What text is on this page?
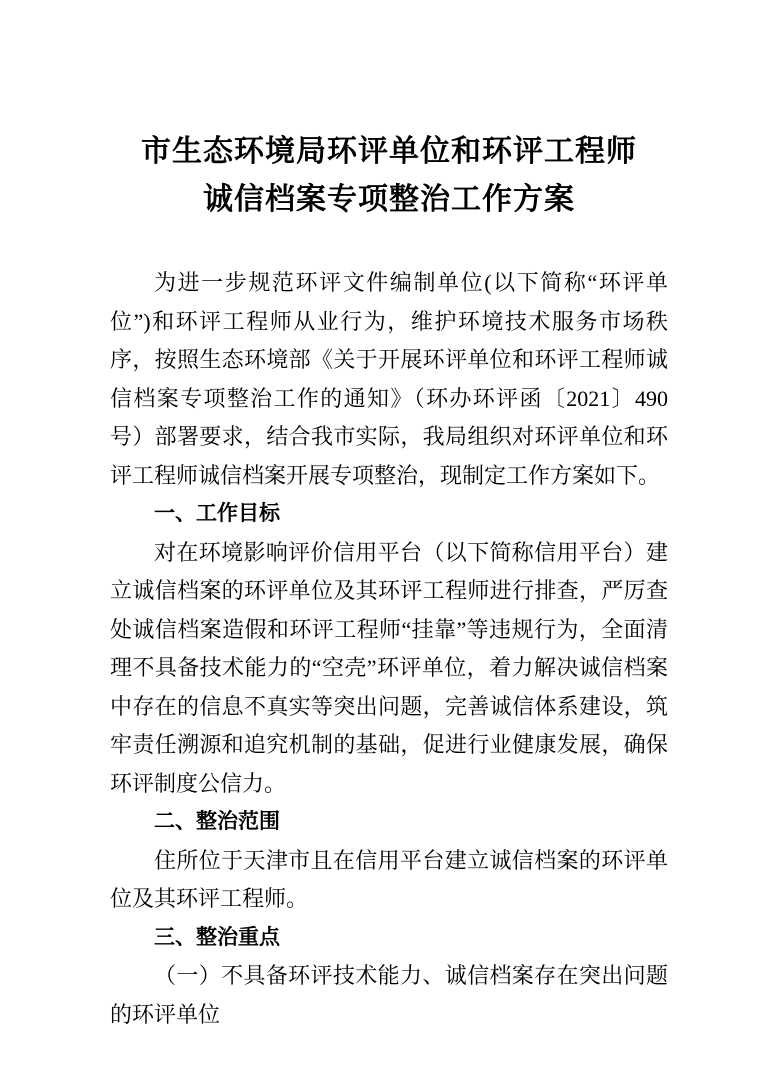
市生态环境局环评单位和环评工程师
诚信档案专项整治工作方案

为进一步规范环评文件编制单位(以下简称“环评单位”)和环评工程师从业行为，维护环境技术服务市场秩序，按照生态环境部《关于开展环评单位和环评工程师诚信档案专项整治工作的通知》（环办环评函〔2021〕490 号）部署要求，结合我市实际，我局组织对环评单位和环评工程师诚信档案开展专项整治，现制定工作方案如下。

一、工作目标

对在环境影响评价信用平台（以下简称信用平台）建立诚信档案的环评单位及其环评工程师进行排查，严厉查处诚信档案造假和环评工程师“挂靠”等违规行为，全面清理不具备技术能力的“空壳”环评单位，着力解决诚信档案中存在的信息不真实等突出问题，完善诚信体系建设，筑牢责任溯源和追究机制的基础，促进行业健康发展，确保环评制度公信力。

二、整治范围

住所位于天津市且在信用平台建立诚信档案的环评单位及其环评工程师。

三、整治重点

（一）不具备环评技术能力、诚信档案存在突出问题的环评单位
